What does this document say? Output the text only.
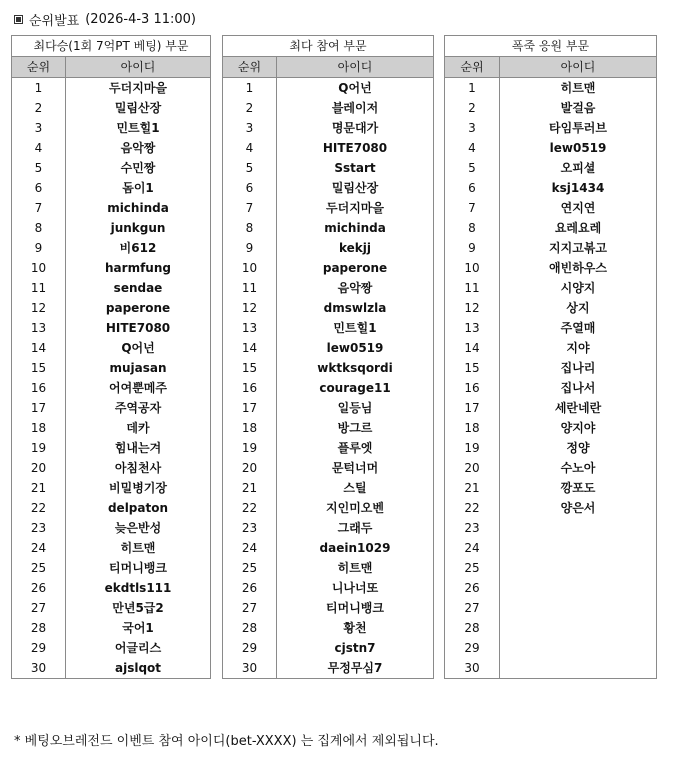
순위발표 (2026-4-3 11:00)
최다승(1회 7억PT 베팅) 부문	
순위	아이디
1	두더지마을
2	밀림산장
3	민트힐1
4	음악짱
5	수민짱
6	돔이1
7	michinda
8	junkgun
9	비612
10	harmfung
11	sendae
12	paperone
13	HITE7080
14	Q어넌
15	mujasan
16	어여뿐메주
17	주역공자
18	데카
19	힘내는겨
20	아침천사
21	비밀병기장
22	delpaton
23	늦은반성
24	히트맨
25	티머니뱅크
26	ekdtls111
27	만년5급2
28	국어1
29	어글리스
30	ajslqot
최다 참여 부문	
순위	아이디
1	Q어넌
2	블레이저
3	명문대가
4	HITE7080
5	Sstart
6	밀림산장
7	두더지마을
8	michinda
9	kekjj
10	paperone
11	음악짱
12	dmswlzla
13	민트힐1
14	lew0519
15	wktksqordi
16	courage11
17	일등님
18	방그르
19	플루엣
20	문턱너머
21	스틸
22	지인미오벤
23	그래두
24	daein1029
25	히트맨
26	니나너또
27	티머니뱅크
28	황천
29	cjstn7
30	무정무심7
폭죽 응원 부문	
순위	아이디
1	히트맨
2	발걸음
3	타임투러브
4	lew0519
5	오피셜
6	ksj1434
7	연지연
8	요레요레
9	지지고볶고
10	애빈하우스
11	시양지
12	상지
13	주열매
14	지야
15	집나리
16	집나서
17	세란네란
18	양지야
19	정양
20	수노아
21	깡포도
22	양은서
23	
24	
25	
26	
27	
28	
29	
30	
* 베팅오브레전드 이벤트 참여 아이디(bet-XXXX) 는 집계에서 제외됩니다.
